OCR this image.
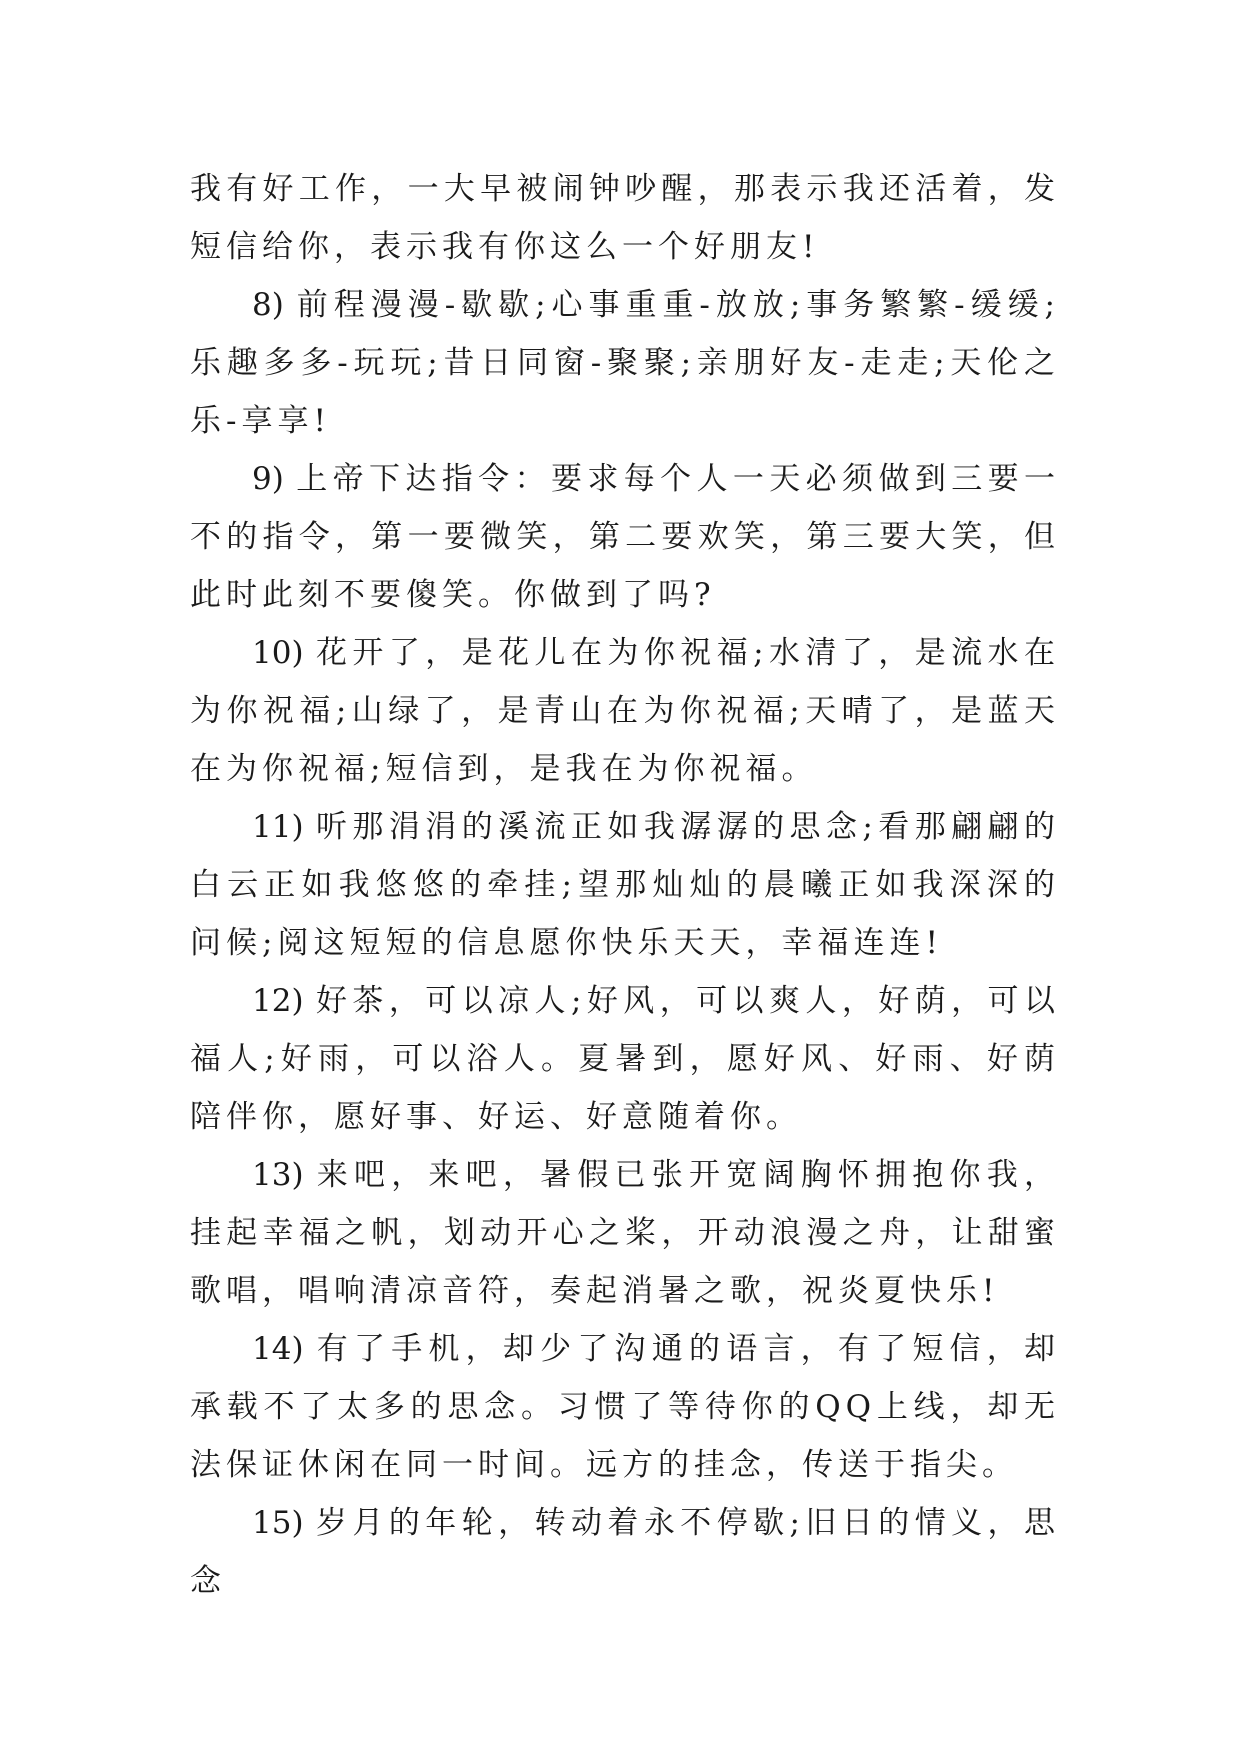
我有好工作，一大早被闹钟吵醒，那表示我还活着，发短信给你，表示我有你这么一个好朋友!

8) 前程漫漫-歇歇;心事重重-放放;事务繁繁-缓缓;乐趣多多-玩玩;昔日同窗-聚聚;亲朋好友-走走;天伦之乐-享享!

9) 上帝下达指令：要求每个人一天必须做到三要一不的指令，第一要微笑，第二要欢笑，第三要大笑，但此时此刻不要傻笑。你做到了吗?

10) 花开了，是花儿在为你祝福;水清了，是流水在为你祝福;山绿了，是青山在为你祝福;天晴了，是蓝天在为你祝福;短信到，是我在为你祝福。

11) 听那涓涓的溪流正如我潺潺的思念;看那翩翩的白云正如我悠悠的牵挂;望那灿灿的晨曦正如我深深的问候;阅这短短的信息愿你快乐天天，幸福连连!

12) 好茶，可以凉人;好风，可以爽人，好荫，可以福人;好雨，可以浴人。夏暑到，愿好风、好雨、好荫陪伴你，愿好事、好运、好意随着你。

13) 来吧，来吧，暑假已张开宽阔胸怀拥抱你我，挂起幸福之帆，划动开心之桨，开动浪漫之舟，让甜蜜歌唱，唱响清凉音符，奏起消暑之歌，祝炎夏快乐!

14) 有了手机，却少了沟通的语言，有了短信，却承载不了太多的思念。习惯了等待你的QQ上线，却无法保证休闲在同一时间。远方的挂念，传送于指尖。

15) 岁月的年轮，转动着永不停歇;旧日的情义，思念
